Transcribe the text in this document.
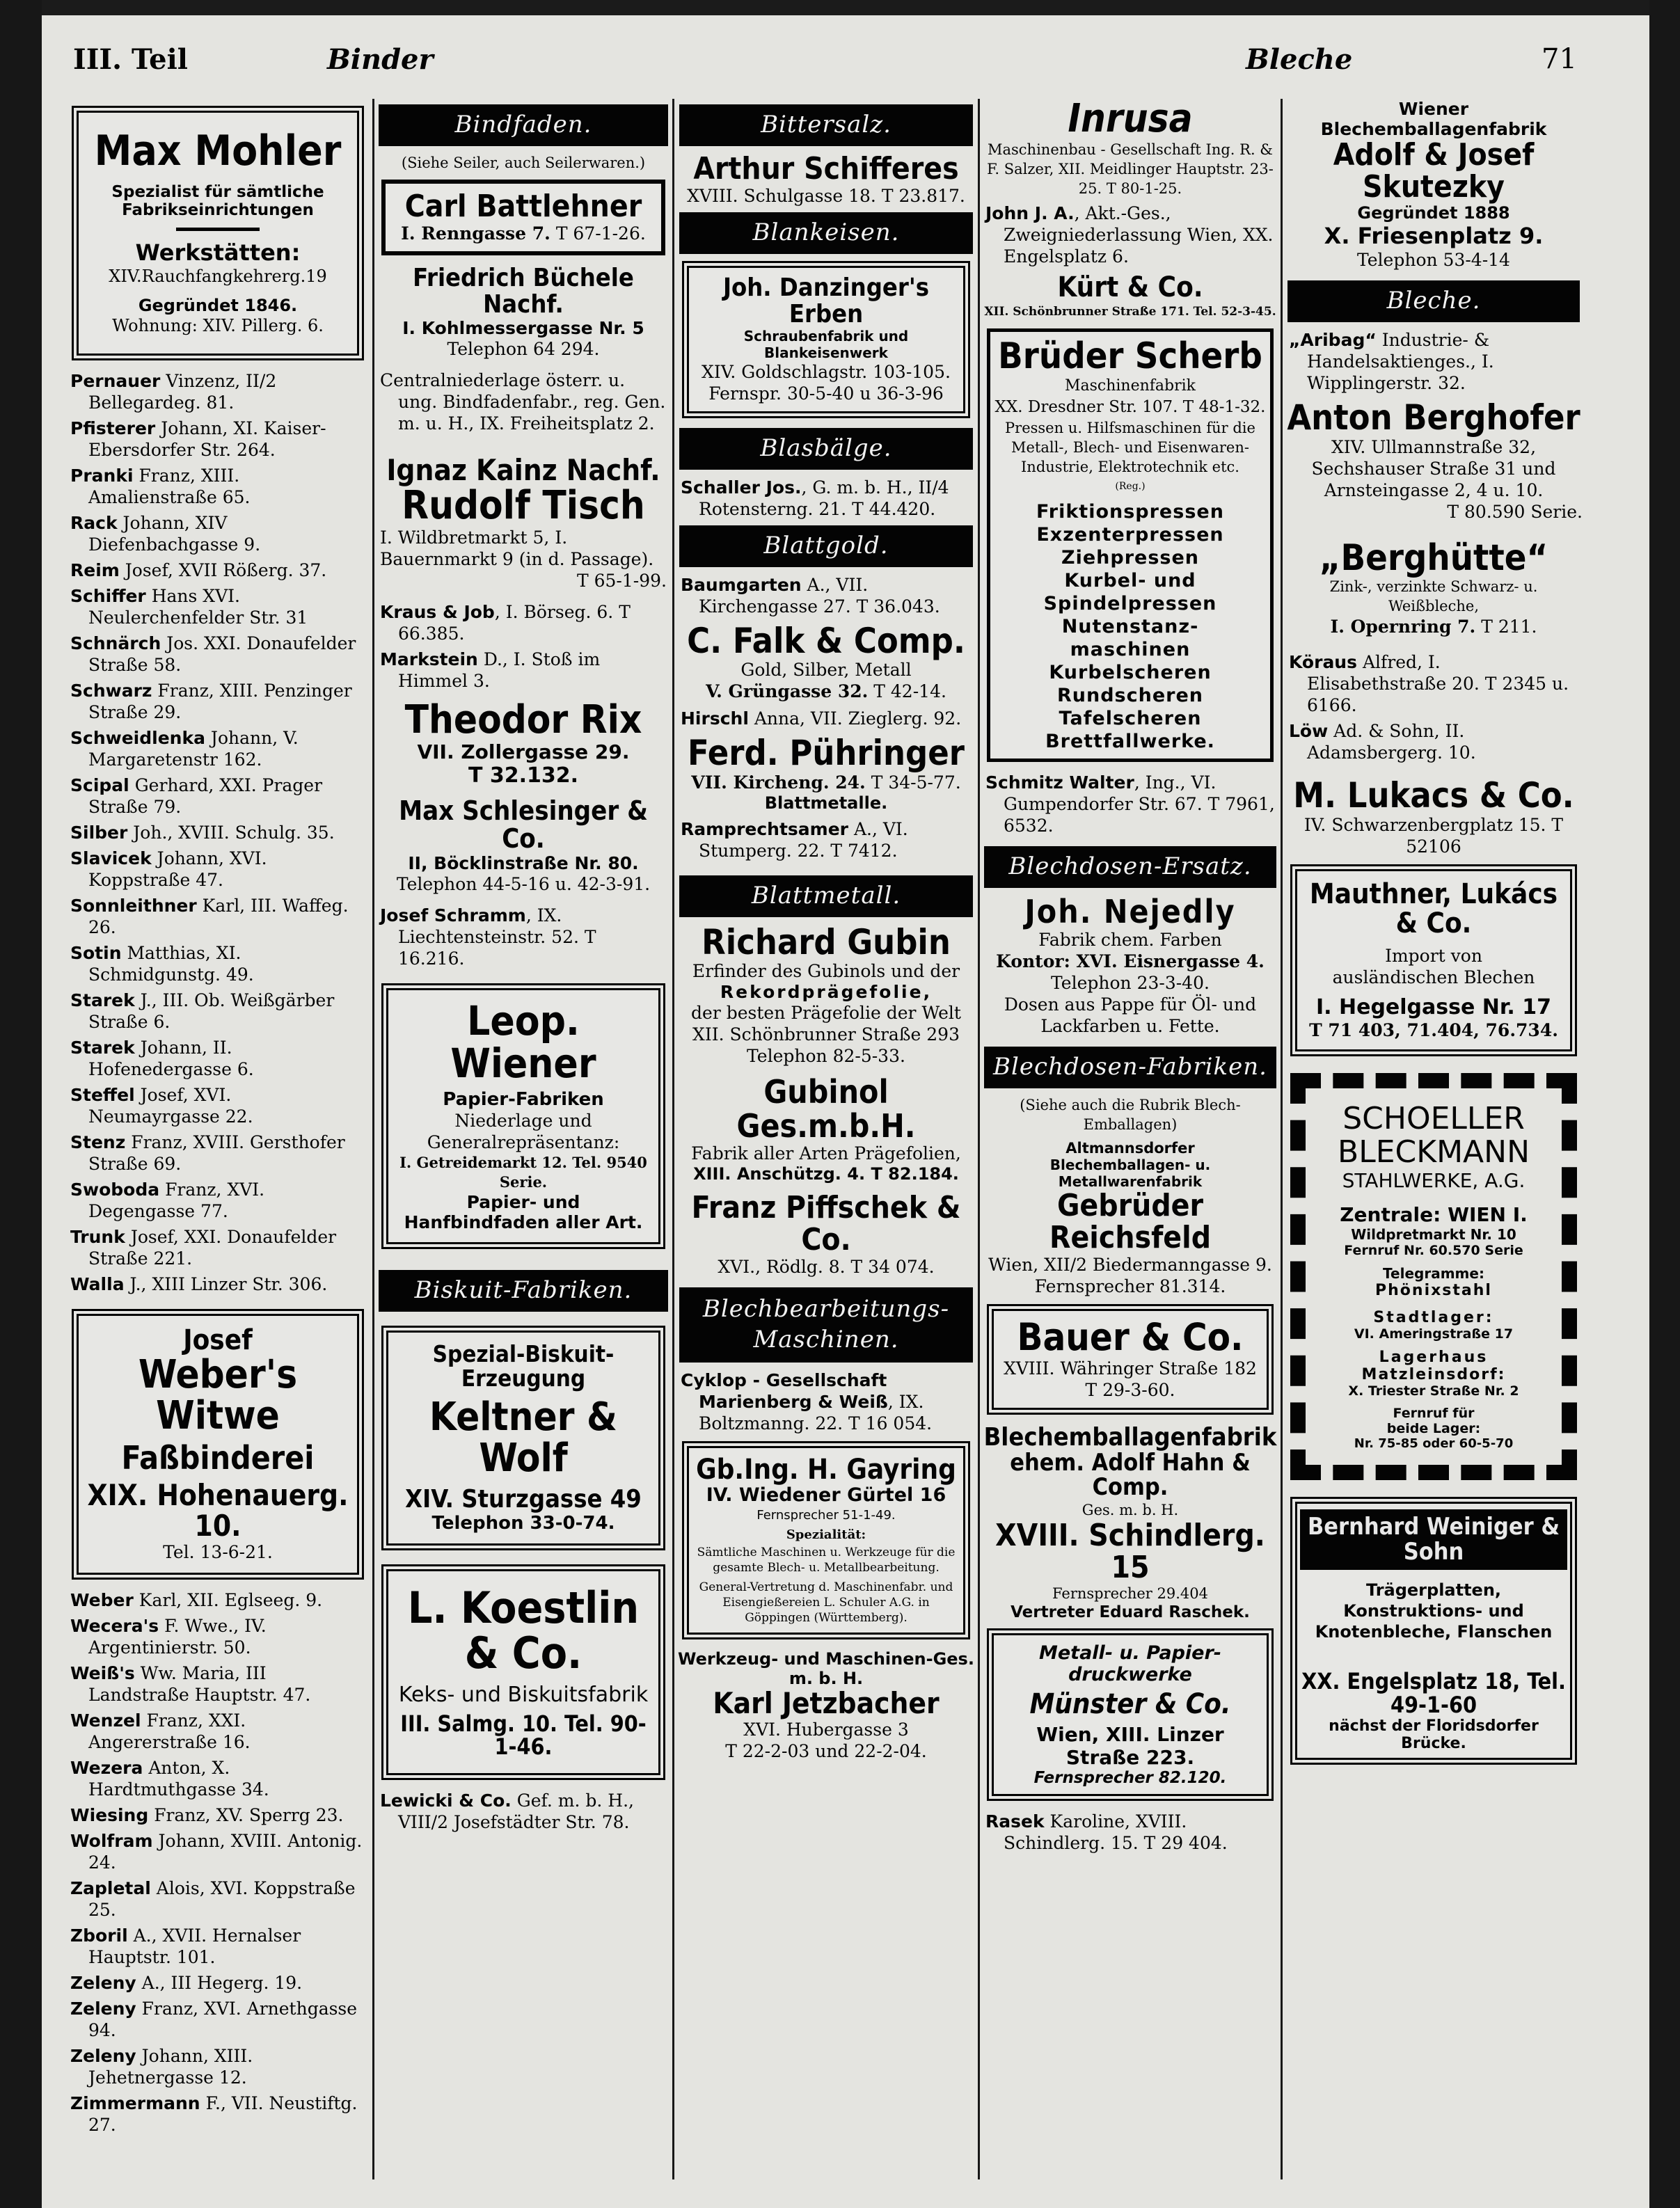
III. Teil	Binder	Bleche	71
Max Mohler
Spezialist für sämtliche
Fabrikseinrichtungen
Werkstätten:
XIV.Rauchfangkehrerg.19
Gegründet 1846.
Wohnung: XIV. Pillerg. 6.
Pernauer Vinzenz, II/2 Bellegardeg. 81.
Pfisterer Johann, XI. Kaiser-Ebersdorfer Str. 264.
Pranki Franz, XIII. Amalienstraße 65.
Rack Johann, XIV Diefenbachgasse 9.
Reim Josef, XVII Rößerg. 37.
Schiffer Hans XVI. Neulerchenfelder Str. 31
Schnärch Jos. XXI. Donaufelder Straße 58.
Schwarz Franz, XIII. Penzinger Straße 29.
Schweidlenka Johann, V. Margaretenstr 162.
Scipal Gerhard, XXI. Prager Straße 79.
Silber Joh., XVIII. Schulg. 35.
Slavicek Johann, XVI. Koppstraße 47.
Sonnleithner Karl, III. Waffeg. 26.
Sotin Matthias, XI. Schmidgunstg. 49.
Starek J., III. Ob. Weißgärber Straße 6.
Starek Johann, II. Hofenedergasse 6.
Steffel Josef, XVI. Neumayrgasse 22.
Stenz Franz, XVIII. Gersthofer Straße 69.
Swoboda Franz, XVI. Degengasse 77.
Trunk Josef, XXI. Donaufelder Straße 221.
Walla J., XIII Linzer Str. 306.
Josef
Weber's Witwe
Faßbinderei
XIX. Hohenauerg. 10.
Tel. 13-6-21.
Weber Karl, XII. Eglseeg. 9.
Wecera's F. Wwe., IV. Argentinierstr. 50.
Weiß's Ww. Maria, III Landstraße Hauptstr. 47.
Wenzel Franz, XXI. Angererstraße 16.
Wezera Anton, X. Hardtmuthgasse 34.
Wiesing Franz, XV. Sperrg 23.
Wolfram Johann, XVIII. Antonig. 24.
Zapletal Alois, XVI. Koppstraße 25.
Zboril A., XVII. Hernalser Hauptstr. 101.
Zeleny A., III Hegerg. 19.
Zeleny Franz, XVI. Arnethgasse 94.
Zeleny Johann, XIII. Jehetnergasse 12.
Zimmermann F., VII. Neustiftg. 27.
Bindfaden.
(Siehe Seiler, auch Seilerwaren.)
Carl Battlehner
I. Renngasse 7. T 67-1-26.
Friedrich Büchele Nachf.
I. Kohlmessergasse Nr. 5
Telephon 64 294.
Centralniederlage österr. u. ung. Bindfadenfabr., reg. Gen. m. u. H., IX. Freiheitsplatz 2.
Ignaz Kainz Nachf.
Rudolf Tisch
I. Wildbretmarkt 5, I. Bauernmarkt 9 (in d. Passage).
T 65-1-99.
Kraus & Job, I. Börseg. 6. T 66.385.
Markstein D., I. Stoß im Himmel 3.
Theodor Rix
VII. Zollergasse 29.
T 32.132.
Max Schlesinger & Co.
II, Böcklinstraße Nr. 80.
Telephon 44-5-16 u. 42-3-91.
Josef Schramm, IX. Liechtensteinstr. 52. T 16.216.
Leop. Wiener
Papier-Fabriken
Niederlage und Generalrepräsentanz:
I. Getreidemarkt 12. Tel. 9540 Serie.
Papier- und Hanfbindfaden aller Art.
Biskuit-Fabriken.
Spezial-Biskuit-Erzeugung
Keltner & Wolf
XIV. Sturzgasse 49
Telephon 33-0-74.
L. Koestlin & Co.
Keks- und Biskuitsfabrik
III. Salmg. 10. Tel. 90-1-46.
Lewicki & Co. Gef. m. b. H., VIII/2 Josefstädter Str. 78.
Bittersalz.
Arthur Schifferes
XVIII. Schulgasse 18. T 23.817.
Blankeisen.
Joh. Danzinger's Erben
Schraubenfabrik und Blankeisenwerk
XIV. Goldschlagstr. 103-105.
Fernspr. 30-5-40 u 36-3-96
Blasbälge.
Schaller Jos., G. m. b. H., II/4 Rotensterng. 21. T 44.420.
Blattgold.
Baumgarten A., VII. Kirchengasse 27. T 36.043.
C. Falk & Comp.
Gold, Silber, Metall
V. Grüngasse 32. T 42-14.
Hirschl Anna, VII. Zieglerg. 92.
Ferd. Pühringer
VII. Kircheng. 24. T 34-5-77.
Blattmetalle.
Ramprechtsamer A., VI. Stumperg. 22. T 7412.
Blattmetall.
Richard Gubin
Erfinder des Gubinols und der
Rekordprägefolie,
der besten Prägefolie der Welt
XII. Schönbrunner Straße 293
Telephon 82-5-33.
Gubinol Ges.m.b.H.
Fabrik aller Arten Prägefolien,
XIII. Anschützg. 4. T 82.184.
Franz Piffschek & Co.
XVI., Rödlg. 8. T 34 074.
Blechbearbeitungs-Maschinen.
Cyklop - Gesellschaft Marienberg & Weiß, IX. Boltzmanng. 22. T 16 054.
Gb.Ing. H. Gayring
IV. Wiedener Gürtel 16
Fernsprecher 51-1-49.
Spezialität:
Sämtliche Maschinen u. Werkzeuge für die gesamte Blech- u. Metallbearbeitung.
General-Vertretung d. Maschinenfabr. und Eisengießereien L. Schuler A.G. in Göppingen (Württemberg).
Werkzeug- und Maschinen-Ges. m. b. H.
Karl Jetzbacher
XVI. Hubergasse 3
T 22-2-03 und 22-2-04.
Inrusa
Maschinenbau - Gesellschaft Ing. R. & F. Salzer, XII. Meidlinger Hauptstr. 23-25. T 80-1-25.
John J. A., Akt.-Ges., Zweigniederlassung Wien, XX. Engelsplatz 6.
Kürt & Co.
XII. Schönbrunner Straße 171. Tel. 52-3-45.
Brüder Scherb
Maschinenfabrik
XX. Dresdner Str. 107. T 48-1-32.
Pressen u. Hilfsmaschinen für die Metall-, Blech- und Eisenwaren-Industrie, Elektrotechnik etc.
(Reg.)
Friktionspressen
Exzenterpressen
Ziehpressen
Kurbel- und
Spindelpressen
Nutenstanz-
maschinen
Kurbelscheren
Rundscheren
Tafelscheren
Brettfallwerke.
Schmitz Walter, Ing., VI. Gumpendorfer Str. 67. T 7961, 6532.
Blechdosen-Ersatz.
Joh. Nejedly
Fabrik chem. Farben
Kontor: XVI. Eisnergasse 4.
Telephon 23-3-40.
Dosen aus Pappe für Öl- und Lackfarben u. Fette.
Blechdosen-Fabriken.
(Siehe auch die Rubrik Blech-Emballagen)
Altmannsdorfer
Blechemballagen- u. Metallwarenfabrik
Gebrüder Reichsfeld
Wien, XII/2 Biedermanngasse 9.
Fernsprecher 81.314.
Bauer & Co.
XVIII. Währinger Straße 182
T 29-3-60.
Blechemballagenfabrik
ehem. Adolf Hahn & Comp.
Ges. m. b. H.
XVIII. Schindlerg. 15
Fernsprecher 29.404
Vertreter Eduard Raschek.
Metall- u. Papier-
druckwerke
Münster & Co.
Wien, XIII. Linzer Straße 223.
Fernsprecher 82.120.
Rasek Karoline, XVIII. Schindlerg. 15. T 29 404.
Wiener Blechemballagenfabrik
Adolf & Josef Skutezky
Gegründet 1888
X. Friesenplatz 9.
Telephon 53-4-14
Bleche.
„Aribag“ Industrie- & Handelsaktienges., I. Wipplingerstr. 32.
Anton Berghofer
XIV. Ullmannstraße 32, Sechshauser Straße 31 und Arnsteingasse 2, 4 u. 10.
T 80.590 Serie.
„Berghütte“
Zink-, verzinkte Schwarz- u. Weißbleche,
I. Opernring 7. T 211.
Köraus Alfred, I. Elisabethstraße 20. T 2345 u. 6166.
Löw Ad. & Sohn, II. Adamsbergerg. 10.
M. Lukacs & Co.
IV. Schwarzenbergplatz 15. T 52106
Mauthner, Lukács & Co.
Import von
ausländischen Blechen
I. Hegelgasse Nr. 17
T 71 403, 71.404, 76.734.
SCHOELLER
BLECKMANN
STAHLWERKE, A.G.
Zentrale: WIEN I.
Wildpretmarkt Nr. 10
Fernruf Nr. 60.570 Serie
Telegramme:
Phönixstahl
Stadtlager:
VI. Ameringstraße 17
Lagerhaus
Matzleinsdorf:
X. Triester Straße Nr. 2
Fernruf für
beide Lager:
Nr. 75-85 oder 60-5-70
Bernhard Weiniger & Sohn
Trägerplatten, Konstruktions- und Knotenbleche, Flanschen
XX. Engelsplatz 18, Tel. 49-1-60
nächst der Floridsdorfer Brücke.
